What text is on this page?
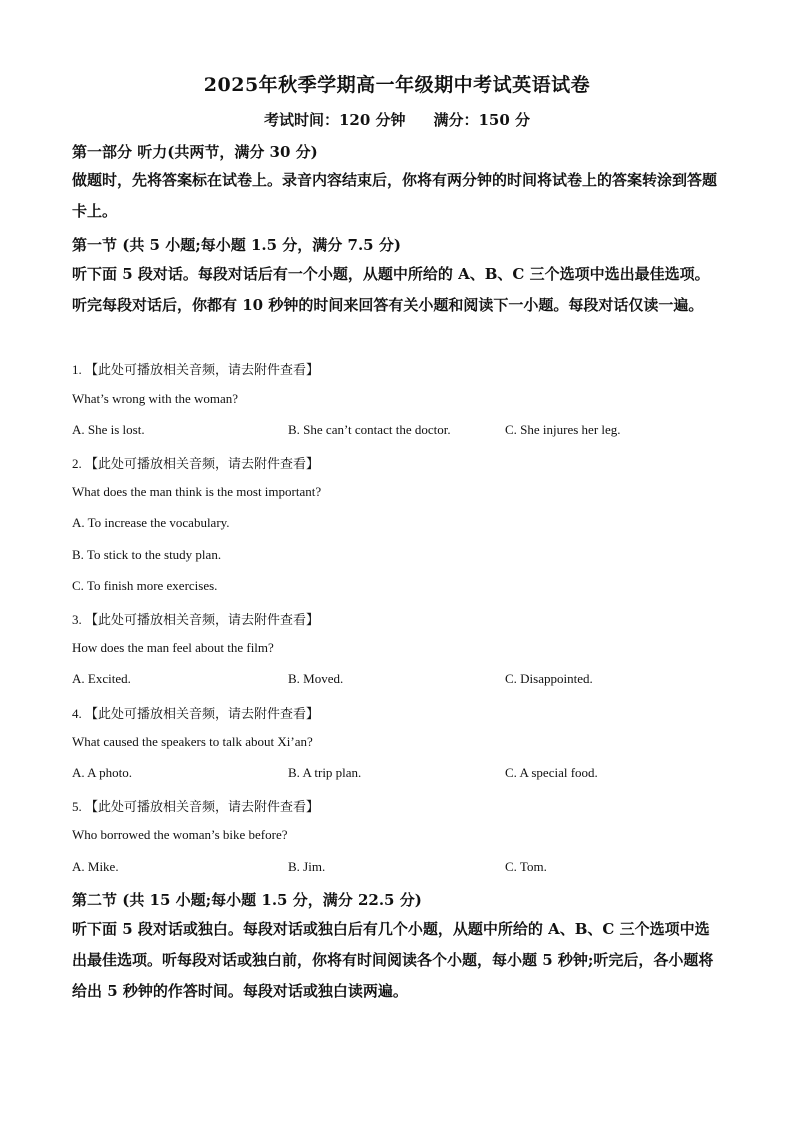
2025年秋季学期高一年级期中考试英语试卷
考试时间：120 分钟 满分：150 分
第一部分 听力(共两节，满分 30 分)
做题时，先将答案标在试卷上。录音内容结束后，你将有两分钟的时间将试卷上的答案转涂到答题卡上。
第一节 (共 5 小题;每小题 1.5 分，满分 7.5 分)
听下面 5 段对话。每段对话后有一个小题，从题中所给的 A、B、C 三个选项中选出最佳选项。听完每段对话后，你都有 10 秒钟的时间来回答有关小题和阅读下一小题。每段对话仅读一遍。
1. 【此处可播放相关音频，请去附件查看】
What’s wrong with the woman?
A. She is lost.	B. She can’t contact the doctor.	C. She injures her leg.
2. 【此处可播放相关音频，请去附件查看】
What does the man think is the most important?
A. To increase the vocabulary.
B. To stick to the study plan.
C. To finish more exercises.
3. 【此处可播放相关音频，请去附件查看】
How does the man feel about the film?
A. Excited.	B. Moved.	C. Disappointed.
4. 【此处可播放相关音频，请去附件查看】
What caused the speakers to talk about Xi’an?
A. A photo.	B. A trip plan.	C. A special food.
5. 【此处可播放相关音频，请去附件查看】
Who borrowed the woman’s bike before?
A. Mike.	B. Jim.	C. Tom.
第二节 (共 15 小题;每小题 1.5 分，满分 22.5 分)
听下面 5 段对话或独白。每段对话或独白后有几个小题，从题中所给的 A、B、C 三个选项中选出最佳选项。听每段对话或独白前，你将有时间阅读各个小题，每小题 5 秒钟;听完后，各小题将给出 5 秒钟的作答时间。每段对话或独白读两遍。
